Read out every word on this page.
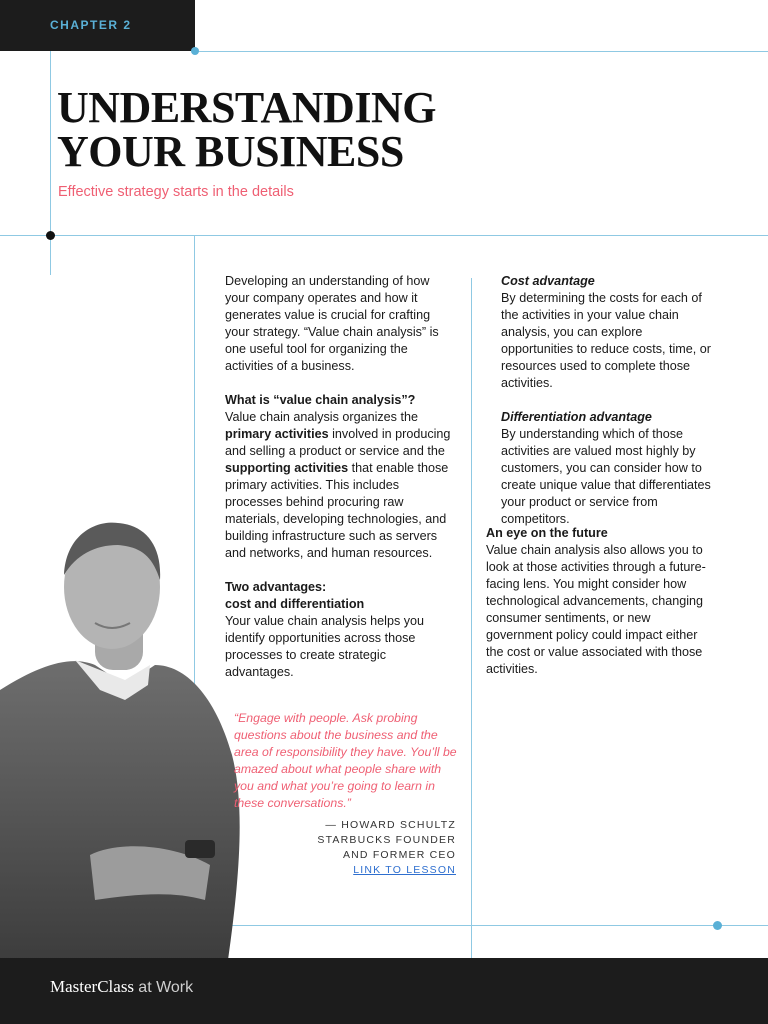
CHAPTER 2
UNDERSTANDING
YOUR BUSINESS
Effective strategy starts in the details

Developing an understanding of how your company operates and how it generates value is crucial for crafting your strategy. “Value chain analysis” is one useful tool for organizing the activities of a business.

What is “value chain analysis”?

Value chain analysis organizes the primary activities involved in producing and selling a product or service and the supporting activities that enable those primary activities. This includes processes behind procuring raw materials, developing technologies, and building infrastructure such as servers and networks, and human resources.

Two advantages:
cost and differentiation

Your value chain analysis helps you identify opportunities across those processes to create strategic advantages.

Cost advantage

By determining the costs for each of the activities in your value chain analysis, you can explore opportunities to reduce costs, time, or resources used to complete those activities.

Differentiation advantage

By understanding which of those activities are valued most highly by customers, you can consider how to create unique value that differentiates your product or service from competitors.

An eye on the future

Value chain analysis also allows you to look at those activities through a future-facing lens. You might consider how technological advancements, changing consumer sentiments, or new government policy could impact either the cost or value associated with those activities.

“Engage with people. Ask probing questions about the business and the area of responsibility they have. You’ll be amazed about what people share with you and what you’re going to learn in these conversations.”
— HOWARD SCHULTZ
STARBUCKS FOUNDER
AND FORMER CEO
LINK TO LESSON
MasterClass at Work
